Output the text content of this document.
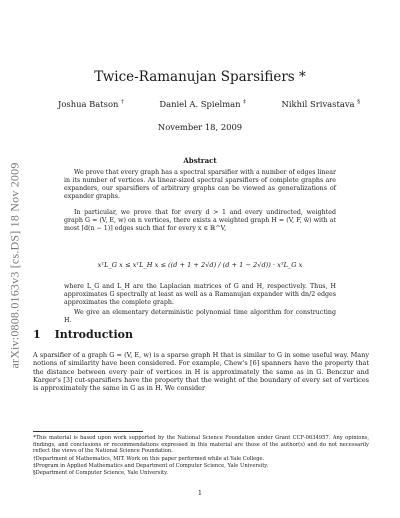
arXiv:0808.0163v3 [cs.DS] 18 Nov 2009
Twice-Ramanujan Sparsifiers *
Joshua Batson †	Daniel A. Spielman ‡	Nikhil Srivastava §
November 18, 2009
Abstract
We prove that every graph has a spectral sparsifier with a number of edges linear in its number of vertices. As linear-sized spectral sparsifiers of complete graphs are expanders, our sparsifiers of arbitrary graphs can be viewed as generalizations of expander graphs.
In particular, we prove that for every d > 1 and every undirected, weighted graph G = (V, E, w) on n vertices, there exists a weighted graph H = (V, F, w̃) with at most ⌈d(n − 1)⌉ edges such that for every x ∈ ℝ^V,
xᵀL_G x ≤ xᵀL_H x ≤ ((d + 1 + 2√d) / (d + 1 − 2√d)) · xᵀL_G x
where L_G and L_H are the Laplacian matrices of G and H, respectively. Thus, H approximates G spectrally at least as well as a Ramanujan expander with dn/2 edges approximates the complete graph.
We give an elementary deterministic polynomial time algorithm for constructing H.
1 Introduction
A sparsifier of a graph G = (V, E, w) is a sparse graph H that is similar to G in some useful way. Many notions of similarity have been considered. For example, Chew's [6] spanners have the property that the distance between every pair of vertices in H is approximately the same as in G. Benczur and Karger's [3] cut-sparsifiers have the property that the weight of the boundary of every set of vertices is approximately the same in G as in H. We consider
*This material is based upon work supported by the National Science Foundation under Grant CCF-0634957. Any opinions, findings, and conclusions or recommendations expressed in this material are those of the author(s) and do not necessarily reflect the views of the National Science Foundation.
†Department of Mathematics, MIT. Work on this paper performed while at Yale College.
‡Program in Applied Mathematics and Department of Computer Science, Yale University.
§Department of Computer Science, Yale University.
1
